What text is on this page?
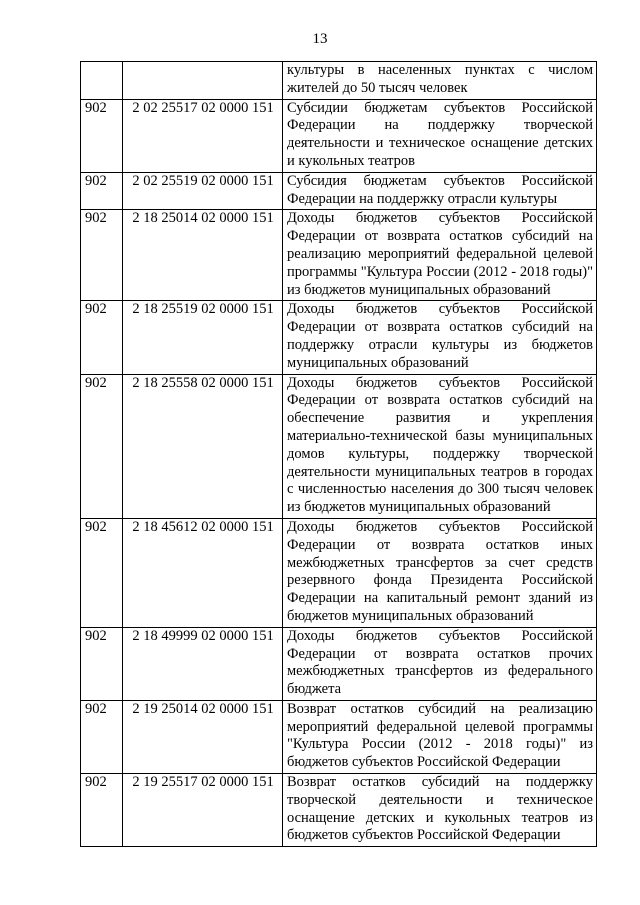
13
		культуры в населенных пунктах с числом жителей до 50 тысяч человек
902	2 02 25517 02 0000 151	Субсидии бюджетам субъектов Российской Федерации на поддержку творческой деятельности и техническое оснащение детских и кукольных театров
902	2 02 25519 02 0000 151	Субсидия бюджетам субъектов Российской Федерации на поддержку отрасли культуры
902	2 18 25014 02 0000 151	Доходы бюджетов субъектов Российской Федерации от возврата остатков субсидий на реализацию мероприятий федеральной целевой программы "Культура России (2012 - 2018 годы)" из бюджетов муниципальных образований
902	2 18 25519 02 0000 151	Доходы бюджетов субъектов Российской Федерации от возврата остатков субсидий на поддержку отрасли культуры из бюджетов муниципальных образований
902	2 18 25558 02 0000 151	Доходы бюджетов субъектов Российской Федерации от возврата остатков субсидий на обеспечение развития и укрепления материально-технической базы муниципальных домов культуры, поддержку творческой деятельности муниципальных театров в городах с численностью населения до 300 тысяч человек из бюджетов муниципальных образований
902	2 18 45612 02 0000 151	Доходы бюджетов субъектов Российской Федерации от возврата остатков иных межбюджетных трансфертов за счет средств резервного фонда Президента Российской Федерации на капитальный ремонт зданий из бюджетов муниципальных образований
902	2 18 49999 02 0000 151	Доходы бюджетов субъектов Российской Федерации от возврата остатков прочих межбюджетных трансфертов из федерального бюджета
902	2 19 25014 02 0000 151	Возврат остатков субсидий на реализацию мероприятий федеральной целевой программы "Культура России (2012 - 2018 годы)" из бюджетов субъектов Российской Федерации
902	2 19 25517 02 0000 151	Возврат остатков субсидий на поддержку творческой деятельности и техническое оснащение детских и кукольных театров из бюджетов субъектов Российской Федерации
